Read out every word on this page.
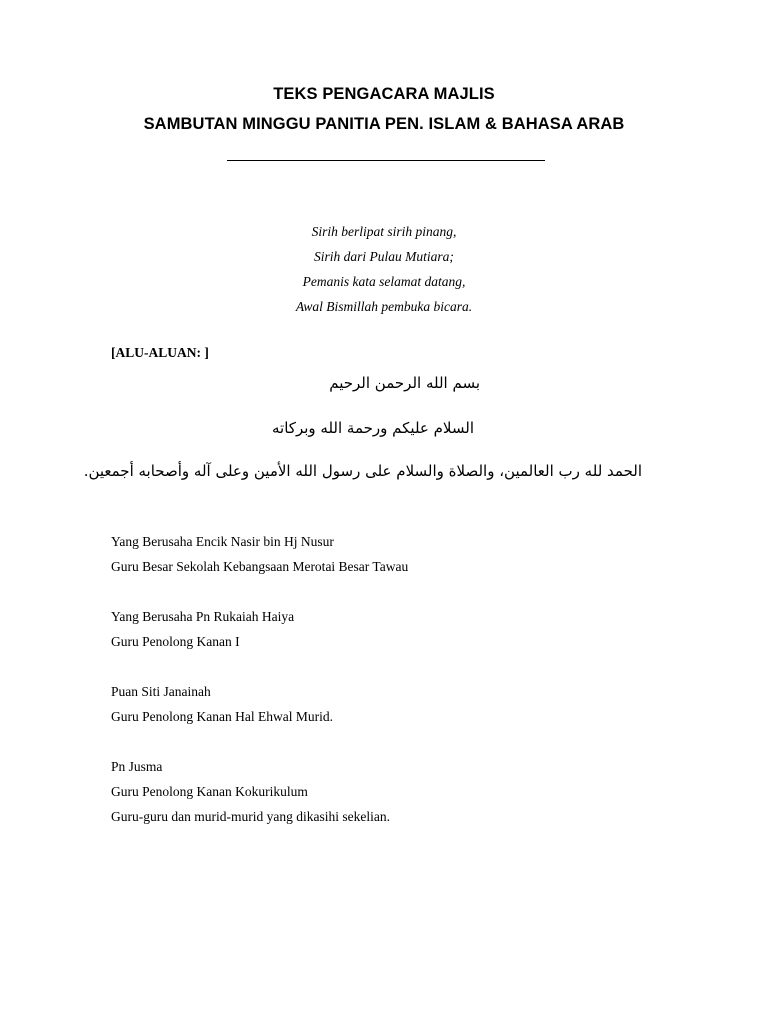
TEKS PENGACARA MAJLIS
SAMBUTAN MINGGU PANITIA PEN. ISLAM & BAHASA ARAB
Sirih berlipat sirih pinang,
Sirih dari Pulau Mutiara;
Pemanis kata selamat datang,
Awal Bismillah pembuka bicara.
[ALU-ALUAN: ]
بسم الله الرحمن الرحيم
السلام عليكم ورحمة الله وبركاته
الحمد لله رب العالمين، والصلاة والسلام على رسول الله الأمين وعلى آله وأصحابه أجمعين.
Yang Berusaha Encik Nasir bin Hj Nusur
Guru Besar Sekolah Kebangsaan Merotai Besar Tawau
Yang Berusaha Pn Rukaiah Haiya
Guru Penolong Kanan I
Puan Siti Janainah
Guru Penolong Kanan Hal Ehwal Murid.
Pn Jusma
Guru Penolong Kanan Kokurikulum
Guru-guru dan murid-murid yang dikasihi sekelian.
